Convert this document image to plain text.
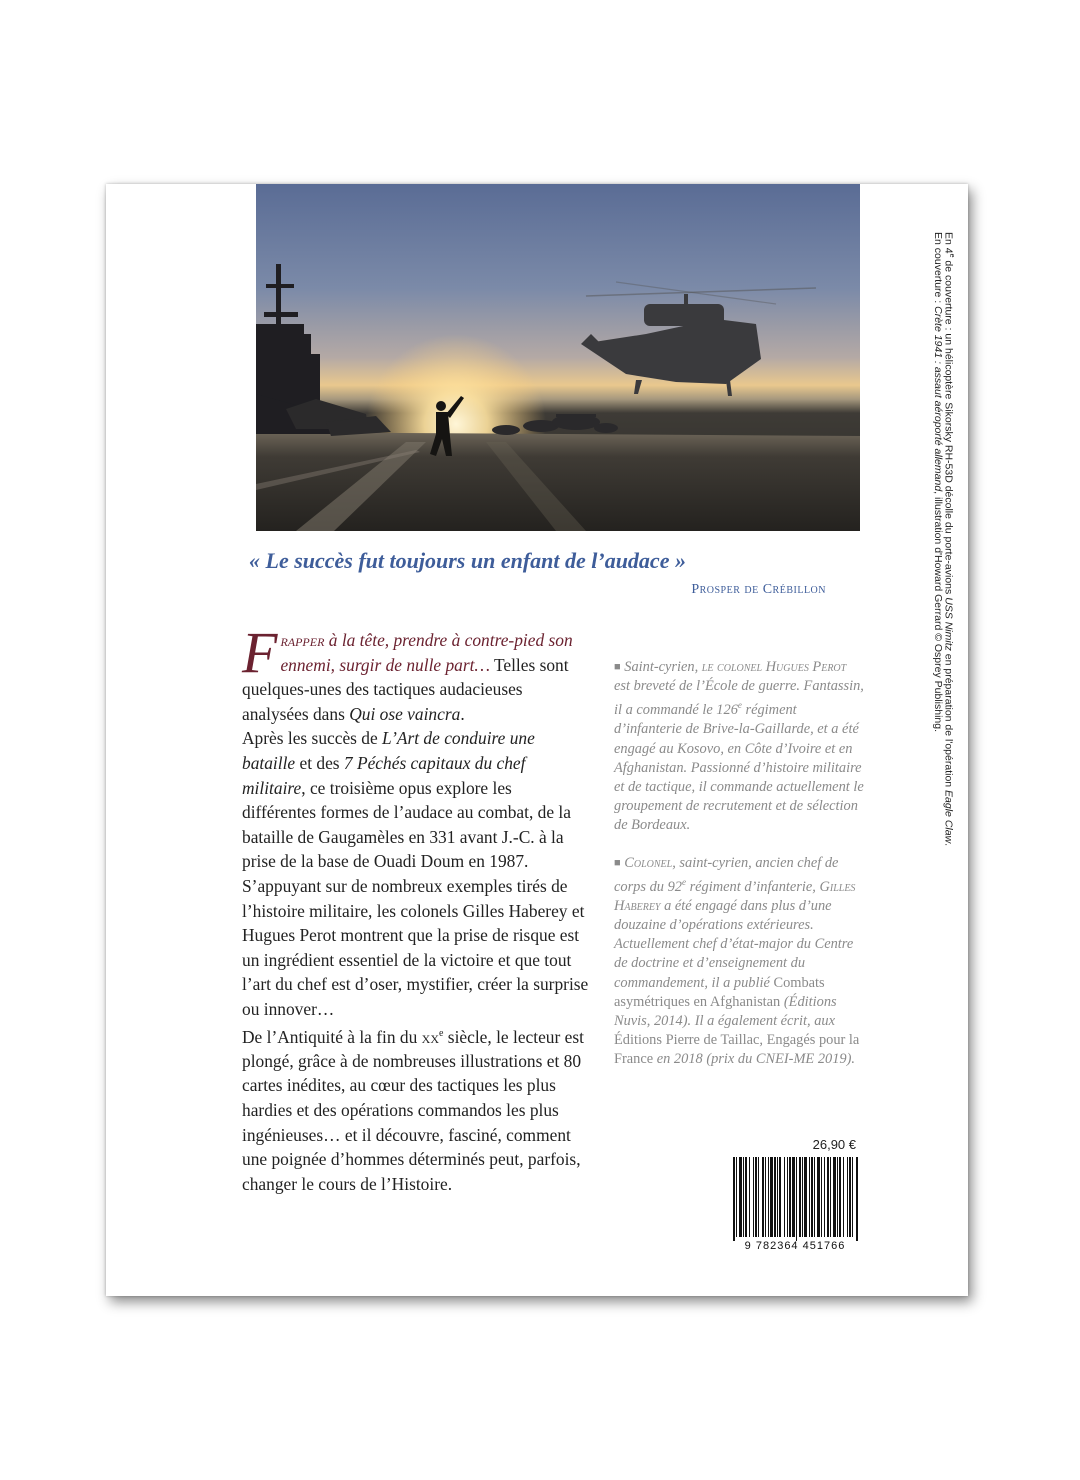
En couverture : Crète 1941 : assaut aéroporté allemand, illustration d'Howard Gerrard © Osprey Publishing.
En 4e de couverture : un hélicoptère Sikorsky RH-53D décolle du porte-avions USS Nimitz en préparation de l'opération Eagle Claw.
« Le succès fut toujours un enfant de l’audace »
Prosper de Crébillon

Frapper à la tête, prendre à contre-pied son ennemi, surgir de nulle part… Telles sont quelques-unes des tactiques audacieuses analysées dans Qui ose vaincra.

Après les succès de L’Art de conduire une bataille et des 7 Péchés capitaux du chef militaire, ce troisième opus explore les différentes formes de l’audace au combat, de la bataille de Gaugamèles en 331 avant J.-C. à la prise de la base de Ouadi Doum en 1987. S’appuyant sur de nombreux exemples tirés de l’histoire militaire, les colonels Gilles Haberey et Hugues Perot montrent que la prise de risque est un ingrédient essentiel de la victoire et que tout l’art du chef est d’oser, mystifier, créer la surprise ou innover…

De l’Antiquité à la fin du $xx^e$ siècle, le lecteur est plongé, grâce à de nombreuses illustrations et 80 cartes inédites, au cœur des tactiques les plus hardies et des opérations commandos les plus ingénieuses… et il découvre, fasciné, comment une poignée d’hommes déterminés peut, parfois, changer le cours de l’Histoire.

■ Saint-cyrien, le colonel Hugues Perot est breveté de l’École de guerre. Fantassin, il a commandé le 126e régiment d’infanterie de Brive-la-Gaillarde, et a été engagé au Kosovo, en Côte d’Ivoire et en Afghanistan. Passionné d’histoire militaire et de tactique, il commande actuellement le groupement de recrutement et de sélection de Bordeaux.

■ Colonel, saint-cyrien, ancien chef de corps du 92e régiment d’infanterie, Gilles Haberey a été engagé dans plus d’une douzaine d’opérations extérieures. Actuellement chef d’état-major du Centre de doctrine et d’enseignement du commandement, il a publié Combats asymétriques en Afghanistan (Éditions Nuvis, 2014). Il a également écrit, aux Éditions Pierre de Taillac, Engagés pour la France en 2018 (prix du CNEI-ME 2019).

26,90 €
9 782364 451766
